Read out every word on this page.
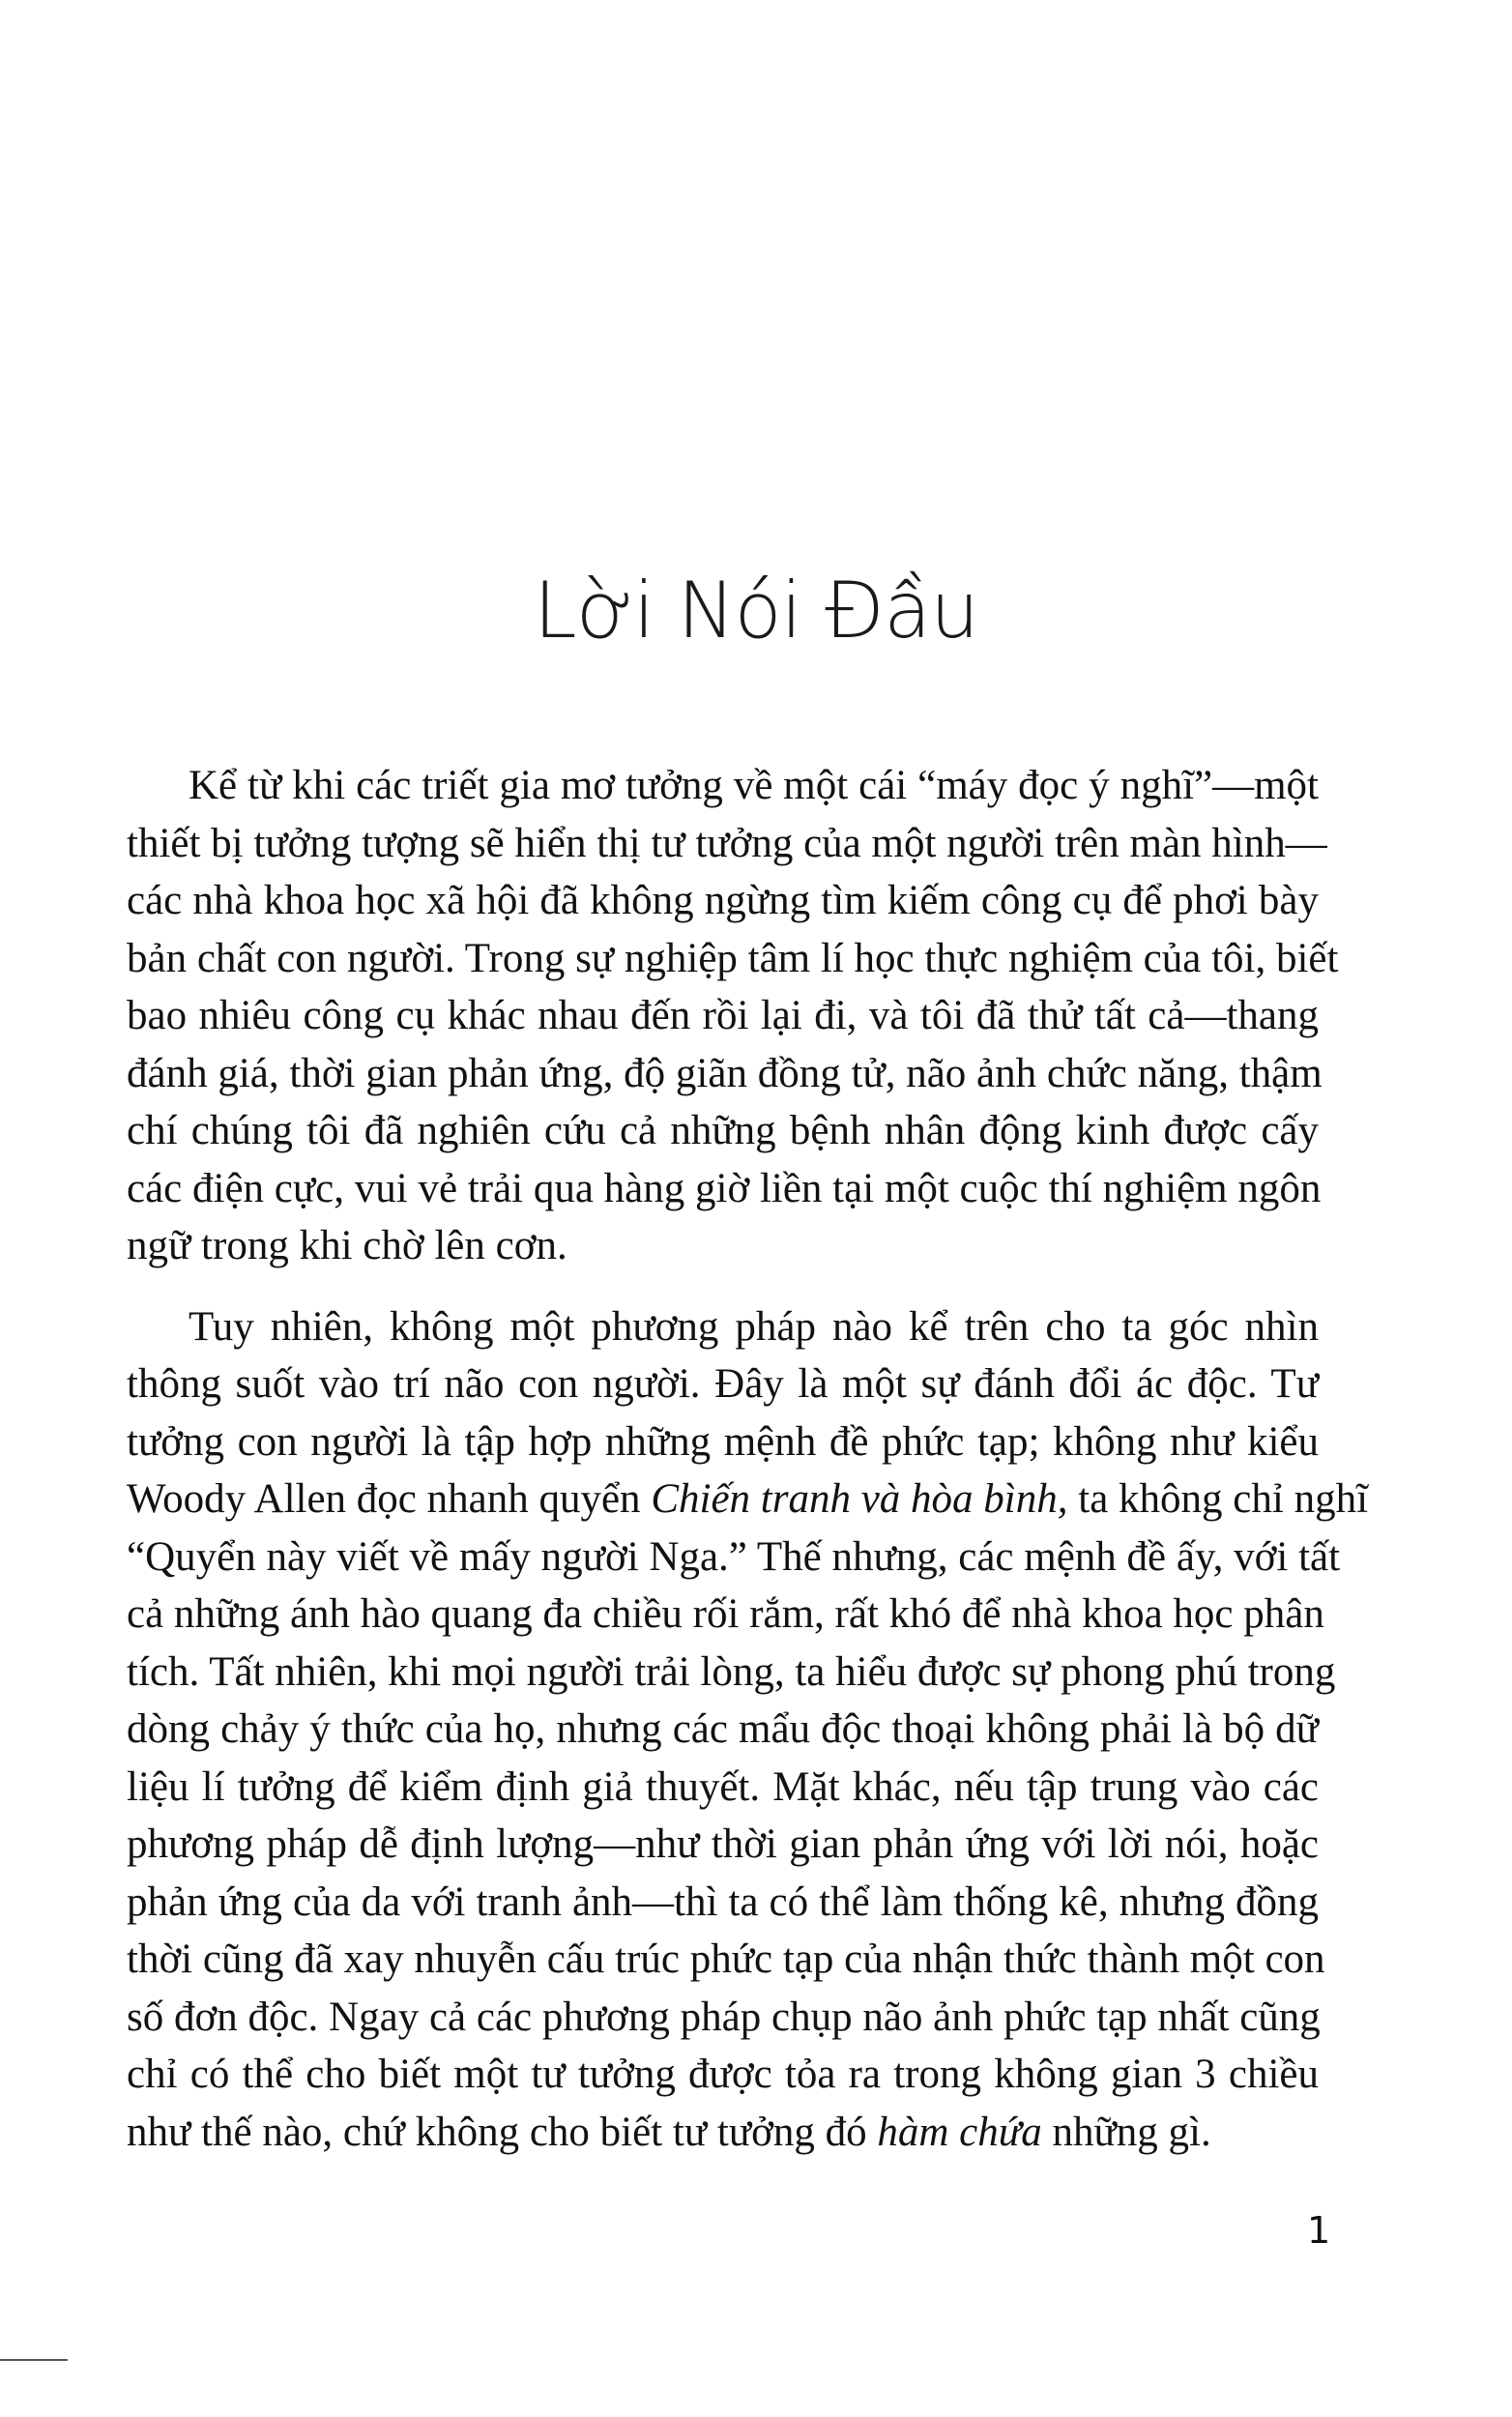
Lời Nói Đầu

Kể từ khi các triết gia mơ tưởng về một cái “máy đọc ý nghĩ”—một
thiết bị tưởng tượng sẽ hiển thị tư tưởng của một người trên màn hình—
các nhà khoa học xã hội đã không ngừng tìm kiếm công cụ để phơi bày
bản chất con người. Trong sự nghiệp tâm lí học thực nghiệm của tôi, biết
bao nhiêu công cụ khác nhau đến rồi lại đi, và tôi đã thử tất cả—thang
đánh giá, thời gian phản ứng, độ giãn đồng tử, não ảnh chức năng, thậm
chí chúng tôi đã nghiên cứu cả những bệnh nhân động kinh được cấy
các điện cực, vui vẻ trải qua hàng giờ liền tại một cuộc thí nghiệm ngôn
ngữ trong khi chờ lên cơn.

Tuy nhiên, không một phương pháp nào kể trên cho ta góc nhìn
thông suốt vào trí não con người. Đây là một sự đánh đổi ác độc. Tư
tưởng con người là tập hợp những mệnh đề phức tạp; không như kiểu
Woody Allen đọc nhanh quyển Chiến tranh và hòa bình, ta không chỉ nghĩ
“Quyển này viết về mấy người Nga.” Thế nhưng, các mệnh đề ấy, với tất
cả những ánh hào quang đa chiều rối rắm, rất khó để nhà khoa học phân
tích. Tất nhiên, khi mọi người trải lòng, ta hiểu được sự phong phú trong
dòng chảy ý thức của họ, nhưng các mẩu độc thoại không phải là bộ dữ
liệu lí tưởng để kiểm định giả thuyết. Mặt khác, nếu tập trung vào các
phương pháp dễ định lượng—như thời gian phản ứng với lời nói, hoặc
phản ứng của da với tranh ảnh—thì ta có thể làm thống kê, nhưng đồng
thời cũng đã xay nhuyễn cấu trúc phức tạp của nhận thức thành một con
số đơn độc. Ngay cả các phương pháp chụp não ảnh phức tạp nhất cũng
chỉ có thể cho biết một tư tưởng được tỏa ra trong không gian 3 chiều
như thế nào, chứ không cho biết tư tưởng đó hàm chứa những gì.

1
